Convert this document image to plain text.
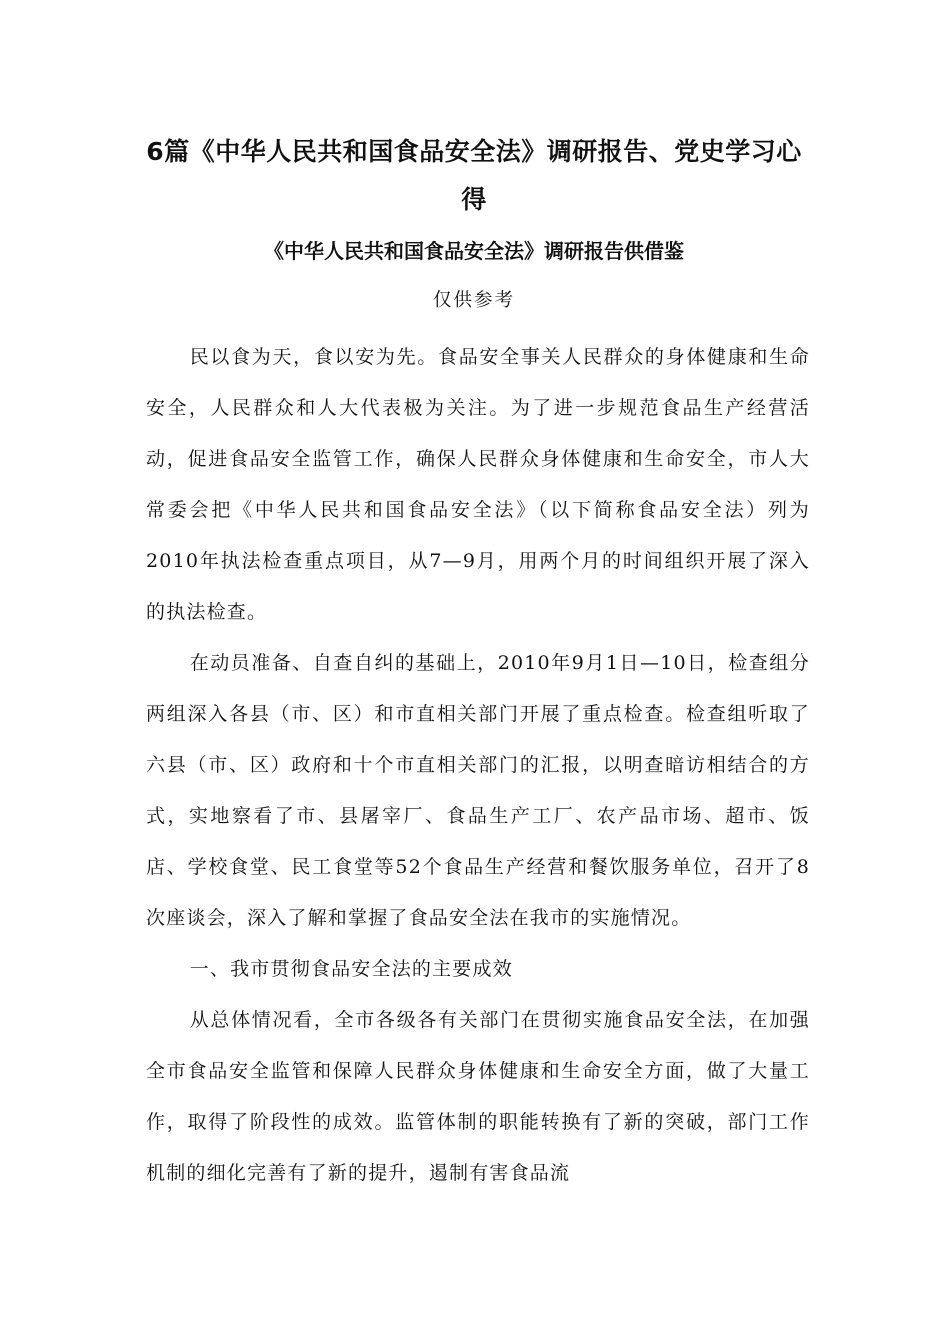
6篇《中华人民共和国食品安全法》调研报告、党史学习心得
《中华人民共和国食品安全法》调研报告供借鉴
仅供参考

民以食为天，食以安为先。食品安全事关人民群众的身体健康和生命安全，人民群众和人大代表极为关注。为了进一步规范食品生产经营活动，促进食品安全监管工作，确保人民群众身体健康和生命安全，市人大常委会把《中华人民共和国食品安全法》（以下简称食品安全法）列为2010年执法检查重点项目，从7—9月，用两个月的时间组织开展了深入的执法检查。

在动员准备、自查自纠的基础上，2010年9月1日—10日，检查组分两组深入各县（市、区）和市直相关部门开展了重点检查。检查组听取了六县（市、区）政府和十个市直相关部门的汇报，以明查暗访相结合的方式，实地察看了市、县屠宰厂、食品生产工厂、农产品市场、超市、饭店、学校食堂、民工食堂等52个食品生产经营和餐饮服务单位，召开了8次座谈会，深入了解和掌握了食品安全法在我市的实施情况。

一、我市贯彻食品安全法的主要成效

从总体情况看，全市各级各有关部门在贯彻实施食品安全法，在加强全市食品安全监管和保障人民群众身体健康和生命安全方面，做了大量工作，取得了阶段性的成效。监管体制的职能转换有了新的突破，部门工作机制的细化完善有了新的提升，遏制有害食品流
